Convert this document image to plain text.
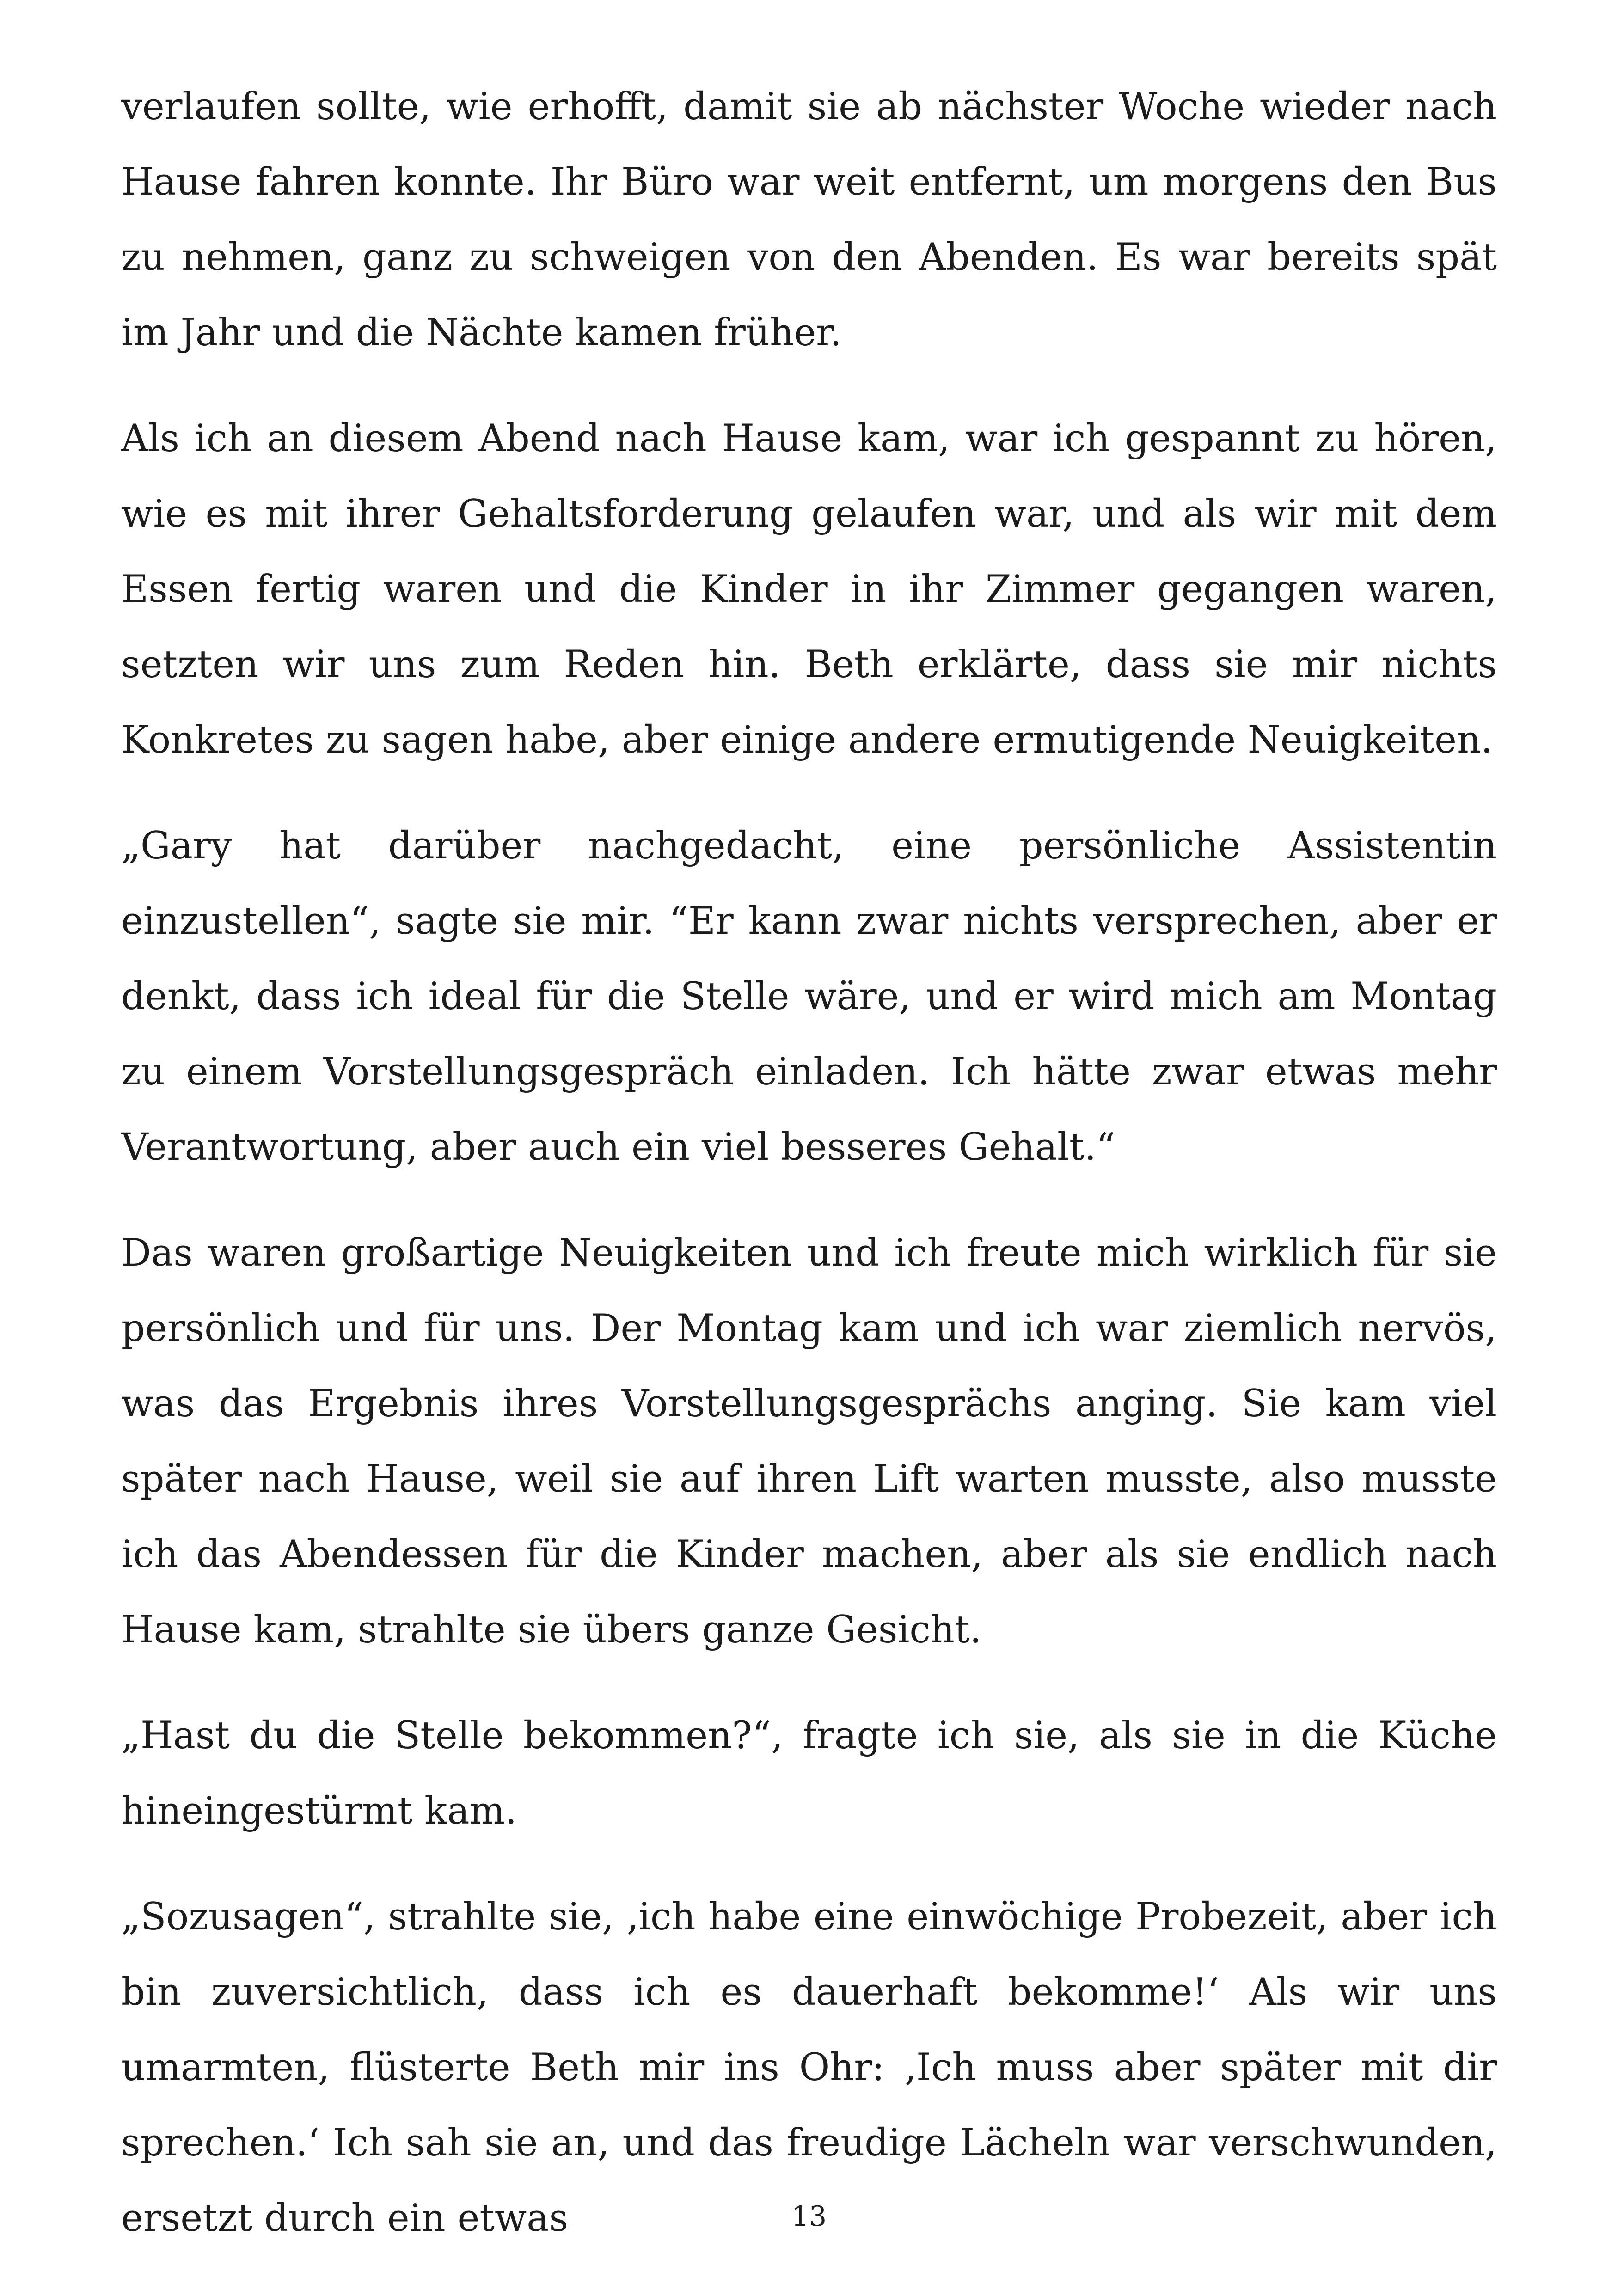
verlaufen sollte, wie erhofft, damit sie ab nächster Woche wieder nach Hause fahren konnte. Ihr Büro war weit entfernt, um morgens den Bus zu nehmen, ganz zu schweigen von den Abenden. Es war bereits spät im Jahr und die Nächte kamen früher.

Als ich an diesem Abend nach Hause kam, war ich gespannt zu hören, wie es mit ihrer Gehaltsforderung gelaufen war, und als wir mit dem Essen fertig waren und die Kinder in ihr Zimmer gegangen waren, setzten wir uns zum Reden hin. Beth erklärte, dass sie mir nichts Konkretes zu sagen habe, aber einige andere ermutigende Neuigkeiten.

„Gary hat darüber nachgedacht, eine persönliche Assistentin einzustellen“, sagte sie mir. “Er kann zwar nichts versprechen, aber er denkt, dass ich ideal für die Stelle wäre, und er wird mich am Montag zu einem Vorstellungsgespräch einladen. Ich hätte zwar etwas mehr Verantwortung, aber auch ein viel besseres Gehalt.“

Das waren großartige Neuigkeiten und ich freute mich wirklich für sie persönlich und für uns. Der Montag kam und ich war ziemlich nervös, was das Ergebnis ihres Vorstellungsgesprächs anging. Sie kam viel später nach Hause, weil sie auf ihren Lift warten musste, also musste ich das Abendessen für die Kinder machen, aber als sie endlich nach Hause kam, strahlte sie übers ganze Gesicht.

„Hast du die Stelle bekommen?“, fragte ich sie, als sie in die Küche hineingestürmt kam.

„Sozusagen“, strahlte sie, ‚ich habe eine einwöchige Probezeit, aber ich bin zuversichtlich, dass ich es dauerhaft bekomme!‘ Als wir uns umarmten, flüsterte Beth mir ins Ohr: ‚Ich muss aber später mit dir sprechen.‘ Ich sah sie an, und das freudige Lächeln war verschwunden, ersetzt durch ein etwas	13
